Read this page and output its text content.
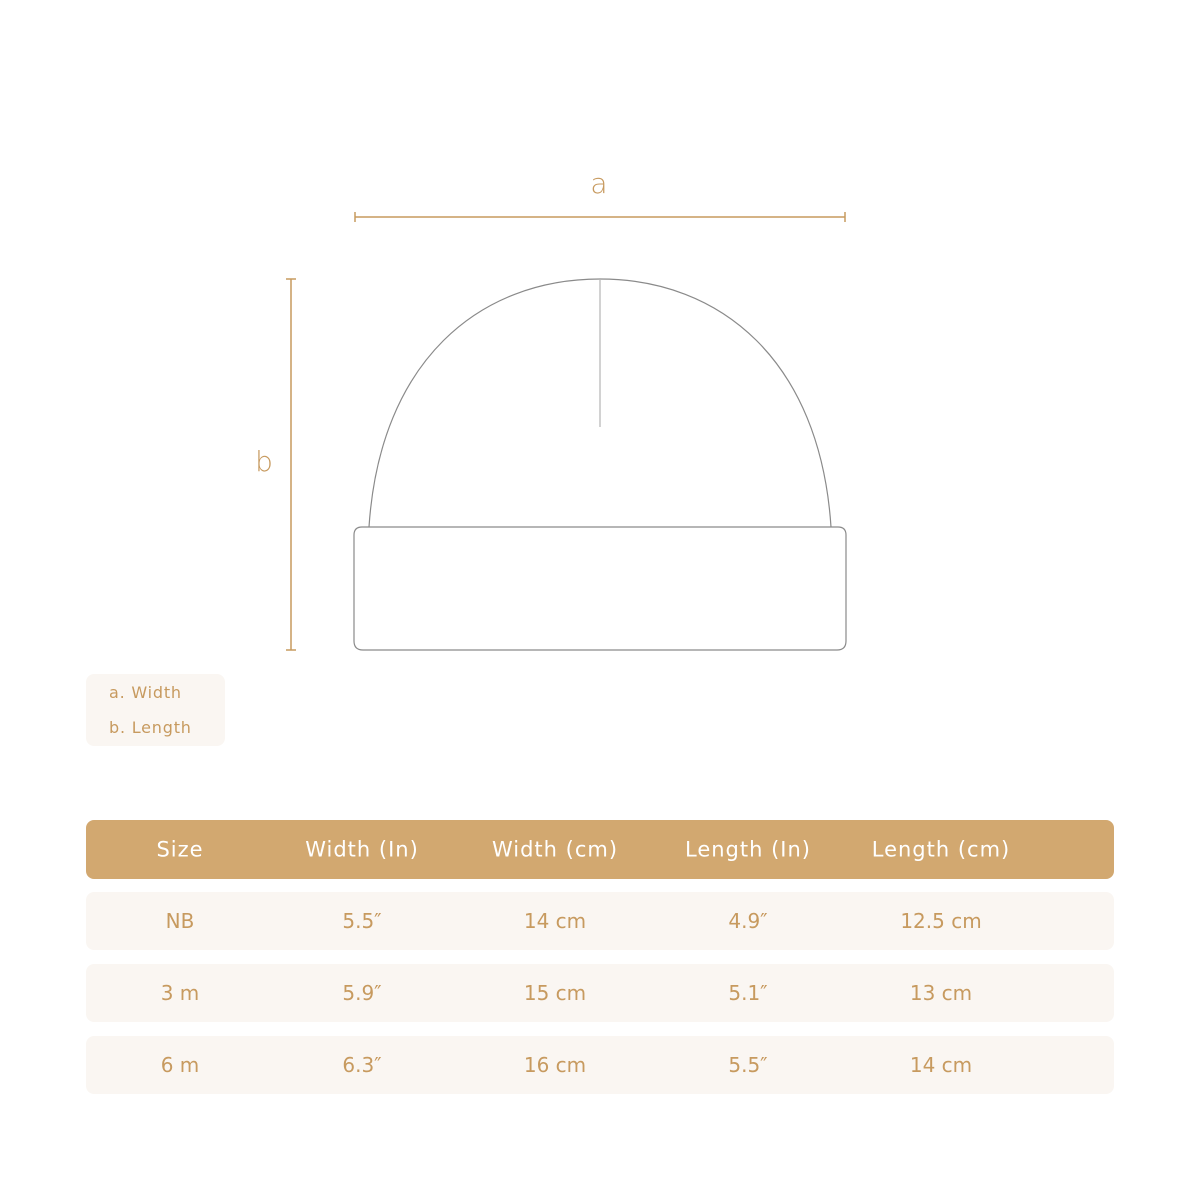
a
b
a. Width
b. Length
Size	Width (In)	Width (cm)	Length (In)	Length (cm)
NB	5.5″	14 cm	4.9″	12.5 cm
3 m	5.9″	15 cm	5.1″	13 cm
6 m	6.3″	16 cm	5.5″	14 cm
